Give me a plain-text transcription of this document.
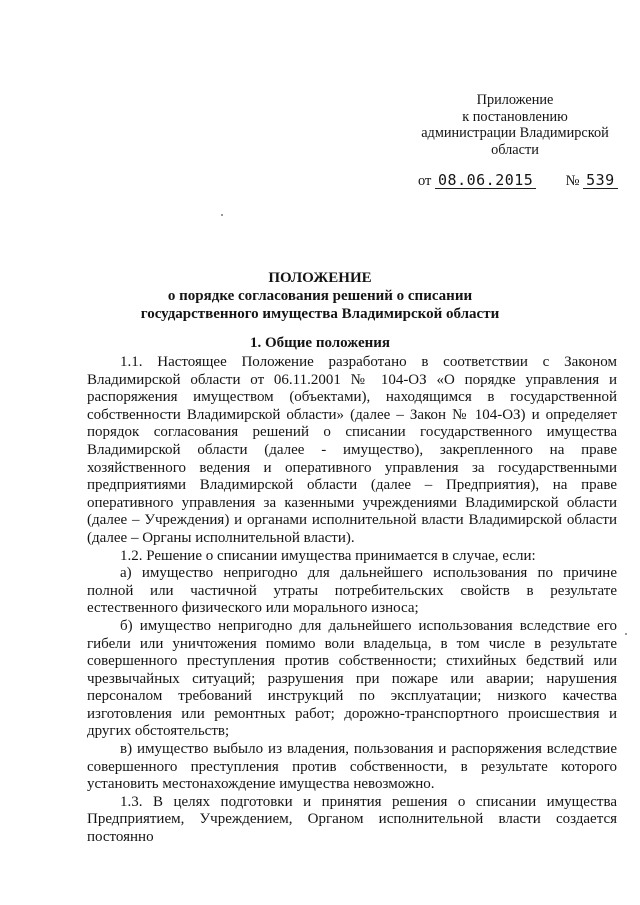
Приложение
к постановлению
администрации Владимирской
области
от 08.06.2015 № 539
ПОЛОЖЕНИЕ
о порядке согласования решений о списании
государственного имущества Владимирской области
1. Общие положения

1.1. Настоящее Положение разработано в соответствии с Законом Владимирской области от 06.11.2001 № 104-ОЗ «О порядке управления и распоряжения имуществом (объектами), находящимся в государственной собственности Владимирской области» (далее – Закон № 104-ОЗ) и определяет порядок согласования решений о списании государственного имущества Владимирской области (далее - имущество), закрепленного на праве хозяйственного ведения и оперативного управления за государственными предприятиями Владимирской области (далее – Предприятия), на праве оперативного управления за казенными учреждениями Владимирской области (далее – Учреждения) и органами исполнительной власти Владимирской области (далее – Органы исполнительной власти).

1.2. Решение о списании имущества принимается в случае, если:

а) имущество непригодно для дальнейшего использования по причине полной или частичной утраты потребительских свойств в результате естественного физического или морального износа;

б) имущество непригодно для дальнейшего использования вследствие его гибели или уничтожения помимо воли владельца, в том числе в результате совершенного преступления против собственности; стихийных бедствий или чрезвычайных ситуаций; разрушения при пожаре или аварии; нарушения персоналом требований инструкций по эксплуатации; низкого качества изготовления или ремонтных работ; дорожно-транспортного происшествия и других обстоятельств;

в) имущество выбыло из владения, пользования и распоряжения вследствие совершенного преступления против собственности, в результате которого установить местонахождение имущества невозможно.

1.3. В целях подготовки и принятия решения о списании имущества Предприятием, Учреждением, Органом исполнительной власти создается постоянно
